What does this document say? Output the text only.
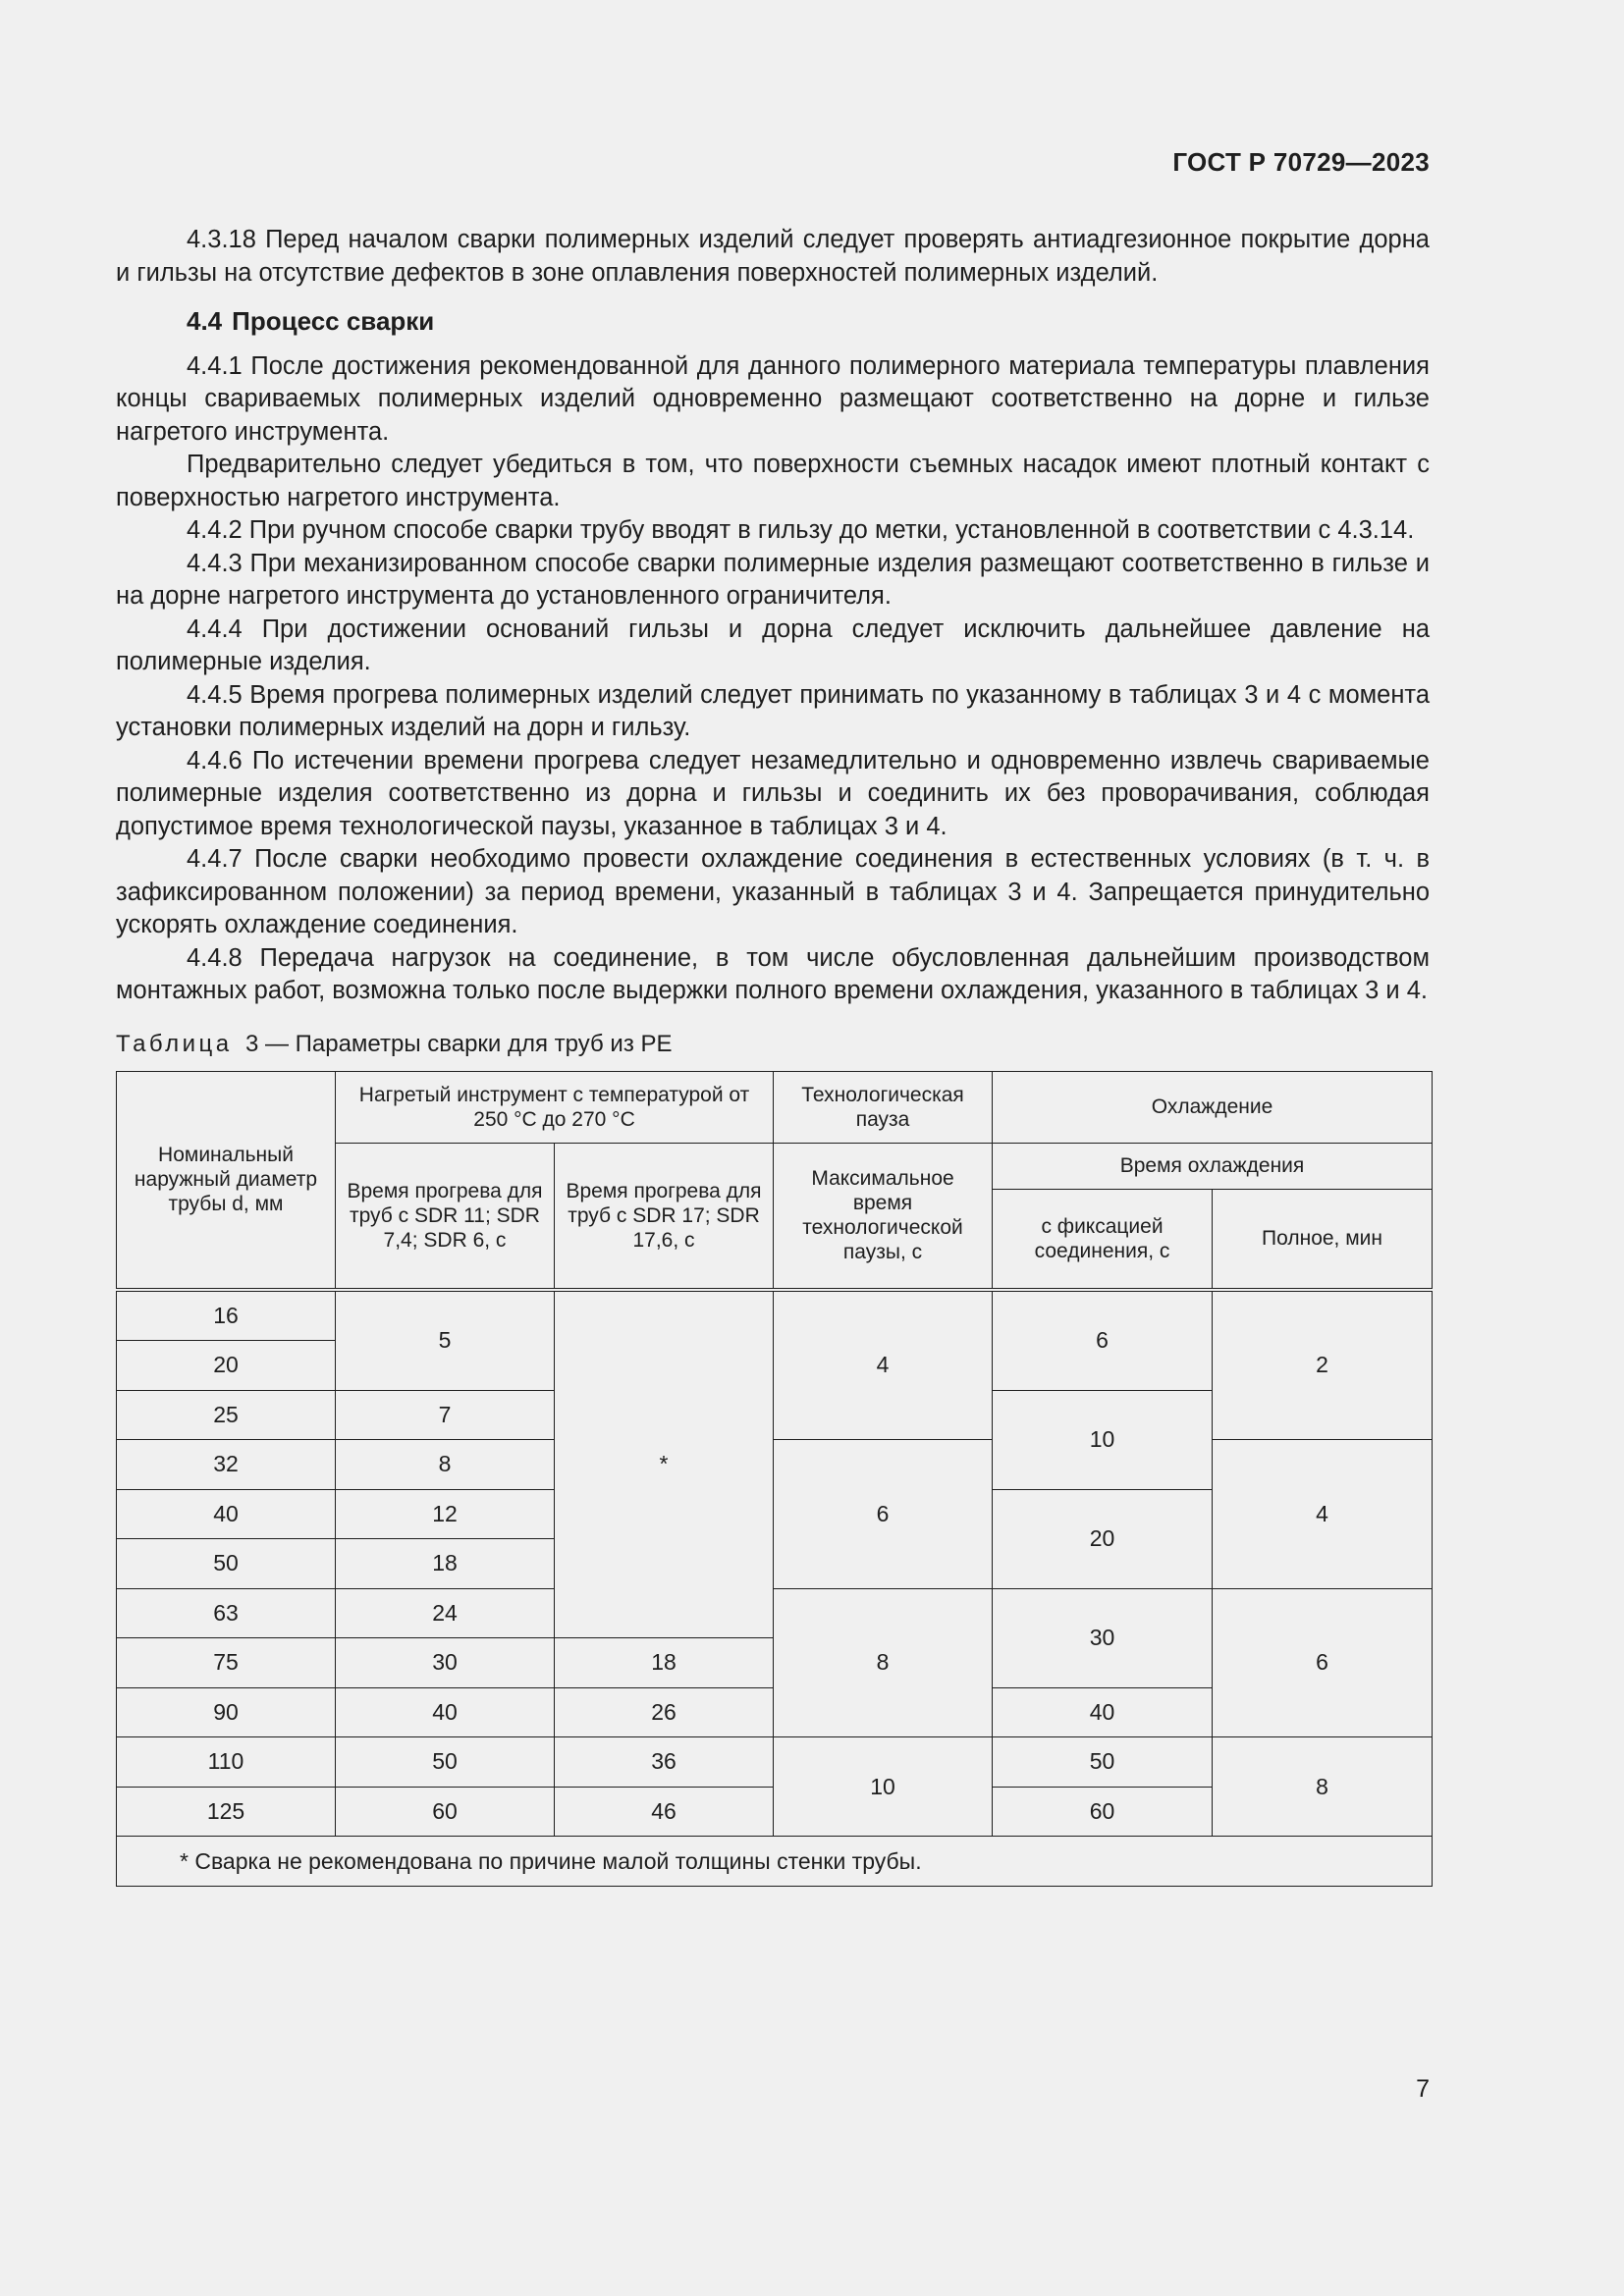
ГОСТ Р 70729—2023

4.3.18 Перед началом сварки полимерных изделий следует проверять антиадгезионное покрытие дорна и гильзы на отсутствие дефектов в зоне оплавления поверхностей полимерных изделий.

4.4 Процесс сварки

4.4.1 После достижения рекомендованной для данного полимерного материала температуры плавления концы свариваемых полимерных изделий одновременно размещают соответственно на дорне и гильзе нагретого инструмента.

Предварительно следует убедиться в том, что поверхности съемных насадок имеют плотный контакт с поверхностью нагретого инструмента.

4.4.2 При ручном способе сварки трубу вводят в гильзу до метки, установленной в соответствии с 4.3.14.

4.4.3 При механизированном способе сварки полимерные изделия размещают соответственно в гильзе и на дорне нагретого инструмента до установленного ограничителя.

4.4.4 При достижении оснований гильзы и дорна следует исключить дальнейшее давление на полимерные изделия.

4.4.5 Время прогрева полимерных изделий следует принимать по указанному в таблицах 3 и 4 с момента установки полимерных изделий на дорн и гильзу.

4.4.6 По истечении времени прогрева следует незамедлительно и одновременно извлечь свариваемые полимерные изделия соответственно из дорна и гильзы и соединить их без проворачивания, соблюдая допустимое время технологической паузы, указанное в таблицах 3 и 4.

4.4.7 После сварки необходимо провести охлаждение соединения в естественных условиях (в т. ч. в зафиксированном положении) за период времени, указанный в таблицах 3 и 4. Запрещается принудительно ускорять охлаждение соединения.

4.4.8 Передача нагрузок на соединение, в том числе обусловленная дальнейшим производством монтажных работ, возможна только после выдержки полного времени охлаждения, указанного в таблицах 3 и 4.

Таблица 3 — Параметры сварки для труб из PE
Номинальный наружный диаметр трубы d, мм	Нагретый инструмент с температурой от 250 °С до 270 °С		Технологическая пауза	Охлаждение	
	Время прогрева для труб с SDR 11; SDR 7,4; SDR 6, с	Время прогрева для труб с SDR 17; SDR 17,6, с	Максимальное время технологической паузы, с	Время охлаждения	
				с фиксацией соединения, с	Полное, мин
16	5	*	4	6	2
20					
25	7			10	
32	8		6		4
40	12			20	
50	18				
63	24		8	30	6
75	30	18			
90	40	26		40	
110	50	36	10	50	8
125	60	46		60	
* Сварка не рекомендована по причине малой толщины стенки трубы.					
7
